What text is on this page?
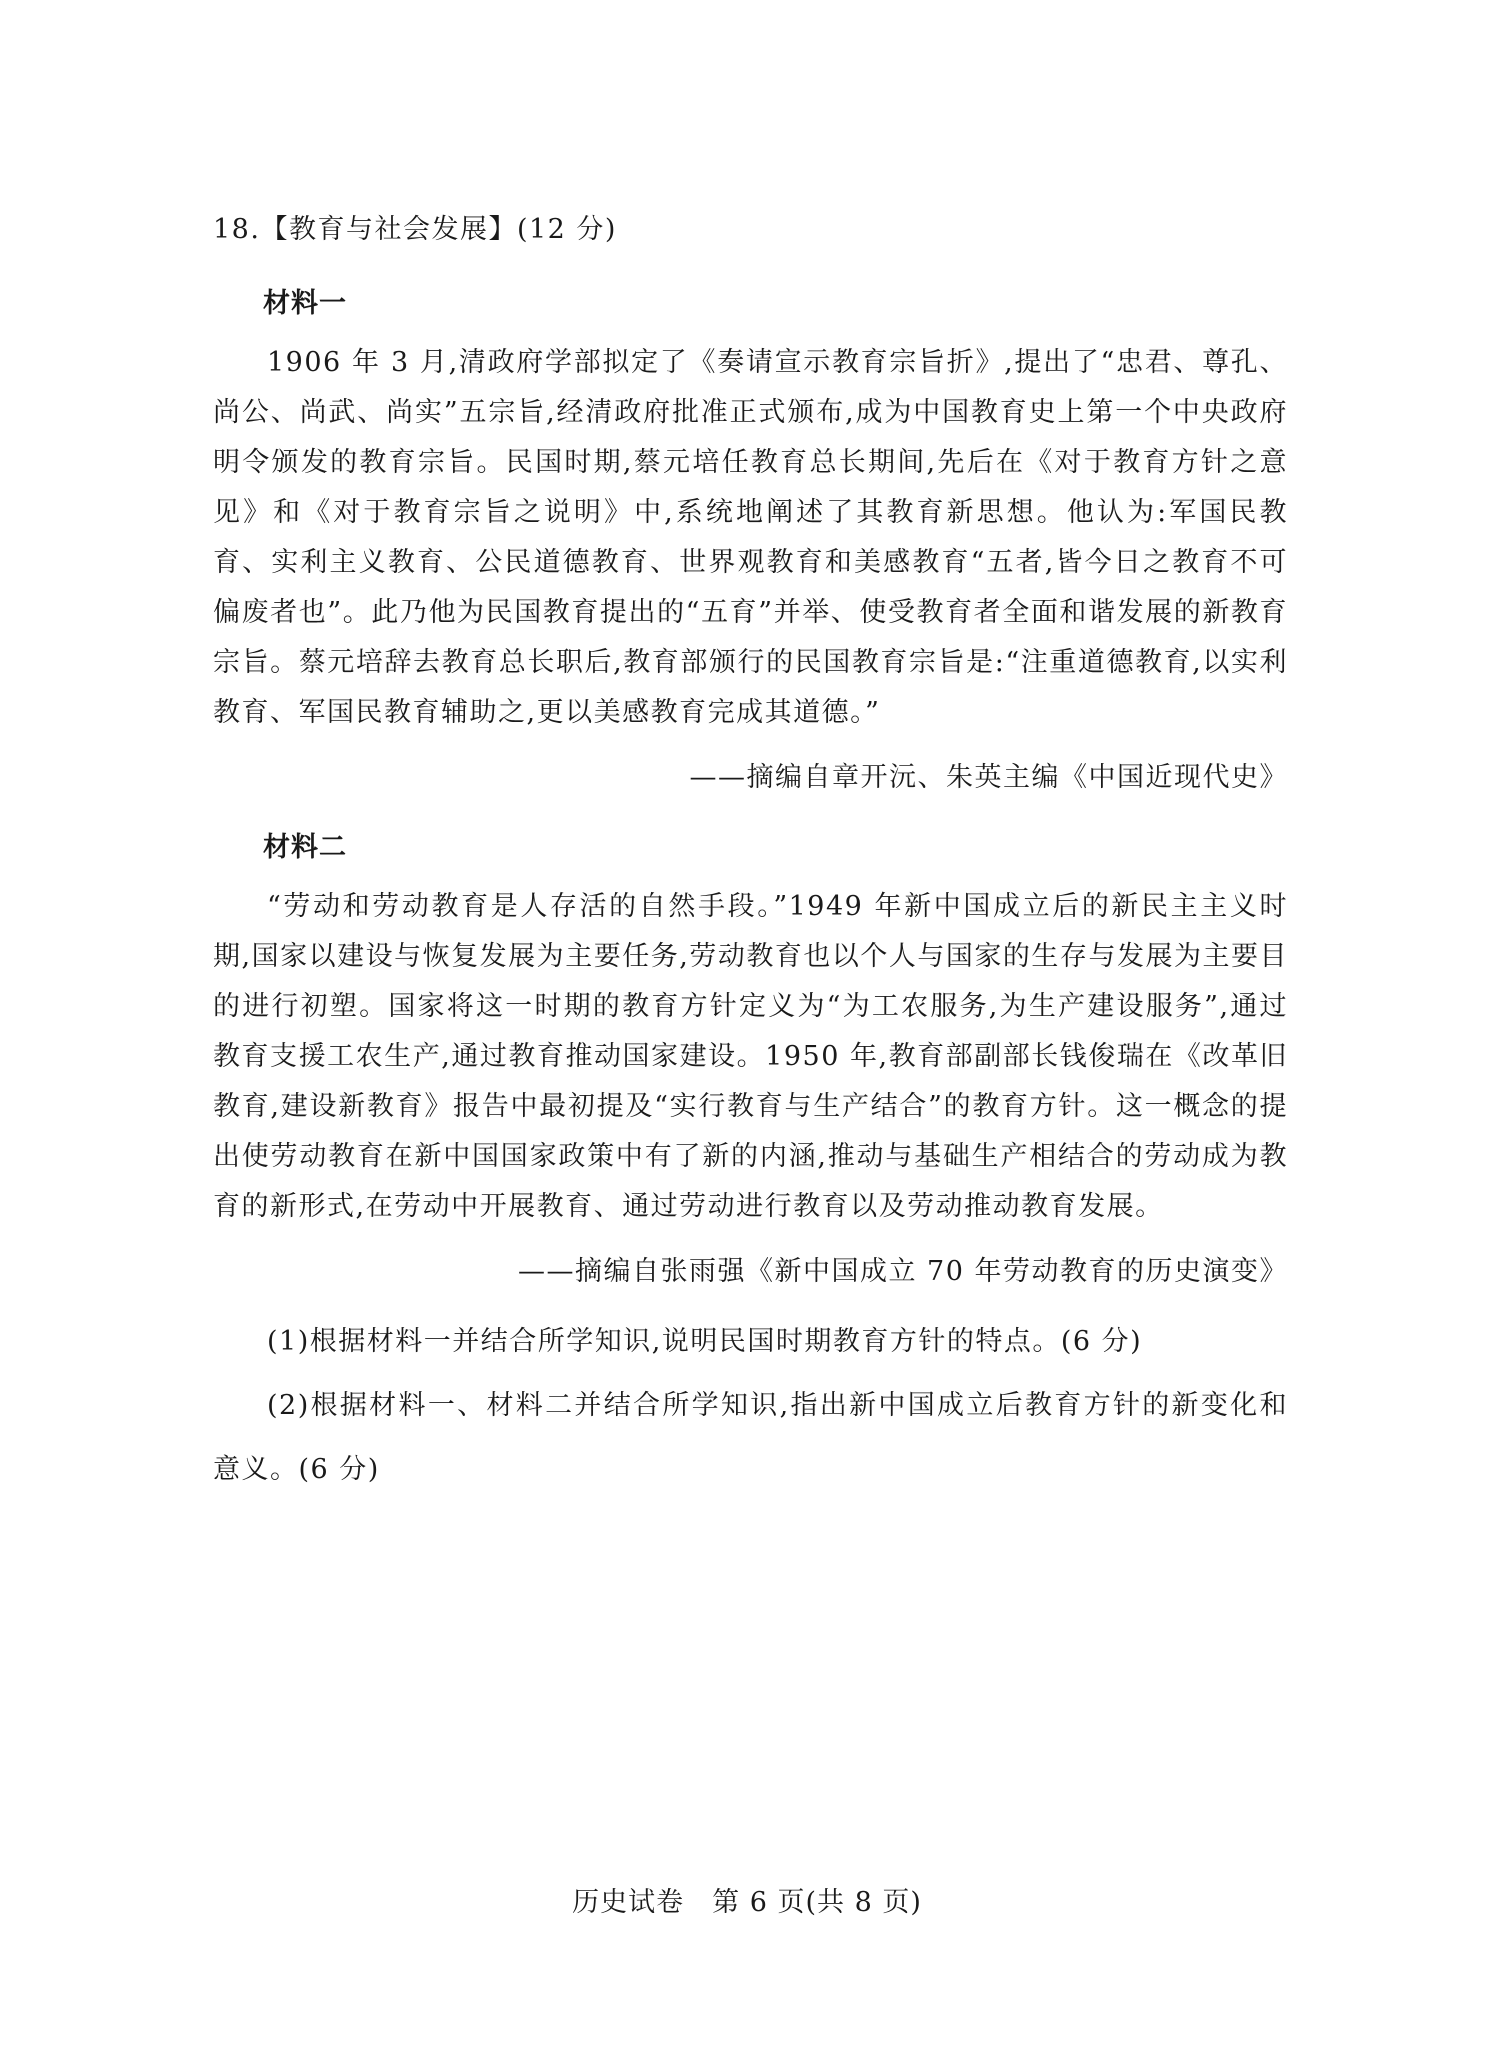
18.【教育与社会发展】(12 分)
材料一

1906 年 3 月,清政府学部拟定了《奏请宣示教育宗旨折》,提出了“忠君、尊孔、尚公、尚武、尚实”五宗旨,经清政府批准正式颁布,成为中国教育史上第一个中央政府明令颁发的教育宗旨。民国时期,蔡元培任教育总长期间,先后在《对于教育方针之意见》和《对于教育宗旨之说明》中,系统地阐述了其教育新思想。他认为:军国民教育、实利主义教育、公民道德教育、世界观教育和美感教育“五者,皆今日之教育不可偏废者也”。此乃他为民国教育提出的“五育”并举、使受教育者全面和谐发展的新教育宗旨。蔡元培辞去教育总长职后,教育部颁行的民国教育宗旨是:“注重道德教育,以实利教育、军国民教育辅助之,更以美感教育完成其道德。”

——摘编自章开沅、朱英主编《中国近现代史》
材料二

“劳动和劳动教育是人存活的自然手段。”1949 年新中国成立后的新民主主义时期,国家以建设与恢复发展为主要任务,劳动教育也以个人与国家的生存与发展为主要目的进行初塑。国家将这一时期的教育方针定义为“为工农服务,为生产建设服务”,通过教育支援工农生产,通过教育推动国家建设。1950 年,教育部副部长钱俊瑞在《改革旧教育,建设新教育》报告中最初提及“实行教育与生产结合”的教育方针。这一概念的提出使劳动教育在新中国国家政策中有了新的内涵,推动与基础生产相结合的劳动成为教育的新形式,在劳动中开展教育、通过劳动进行教育以及劳动推动教育发展。

——摘编自张雨强《新中国成立 70 年劳动教育的历史演变》

(1)根据材料一并结合所学知识,说明民国时期教育方针的特点。(6 分)

(2)根据材料一、材料二并结合所学知识,指出新中国成立后教育方针的新变化和意义。(6 分)

历史试卷　第 6 页(共 8 页)
